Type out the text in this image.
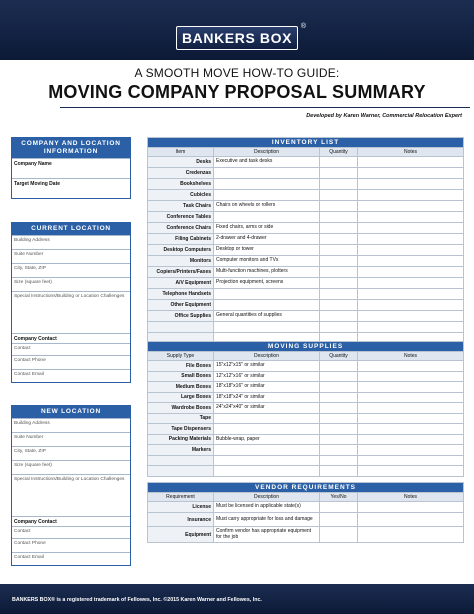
BANKERS BOX
®
A SMOOTH MOVE HOW-TO GUIDE:
MOVING COMPANY PROPOSAL SUMMARY
Developed by Karen Warner, Commercial Relocation Expert
COMPANY AND LOCATION INFORMATION
Company Name
Target Moving Date
CURRENT LOCATION
Building Address
Suite Number
City, State, ZIP
Size (square feet)
Special Instructions/Building or Location Challenges
Company Contact
Contact
Contact Phone
Contact Email
NEW LOCATION
Building Address
Suite Number
City, State, ZIP
Size (square feet)
Special Instructions/Building or Location Challenges
Company Contact
Contact
Contact Phone
Contact Email
INVENTORY LIST			
Item	Description	Quantity	Notes
Desks	Executive and task desks		
Credenzas			
Bookshelves			
Cubicles			
Task Chairs	Chairs on wheels or rollers		
Conference Tables			
Conference Chairs	Fixed chairs, arms or side		
Filing Cabinets	2-drawer and 4-drawer		
Desktop Computers	Desktop or tower		
Monitors	Computer monitors and TVs		
Copiers/Printers/Faxes	Multi-function machines, plotters		
A/V Equipment	Projection equipment, screens		
Telephone Handsets			
Other Equipment			
Office Supplies	General quantities of supplies		

MOVING SUPPLIES			
Supply Type	Description	Quantity	Notes
File Boxes	15"x12"x15" or similar		
Small Boxes	12"x12"x16" or similar		
Medium Boxes	18"x18"x16" or similar		
Large Boxes	18"x18"x24" or similar		
Wardrobe Boxes	24"x24"x40" or similar		
Tape			
Tape Dispensers			
Packing Materials	Bubble-wrap, paper		
Markers			

VENDOR REQUIREMENTS			
Requirement	Description	Yes/No	Notes
License	Must be licensed in applicable state(s)		
Insurance	Must carry appropriate for loss and damage		
Equipment	Confirm vendor has appropriate equipment for the job		
BANKERS BOX® is a registered trademark of Fellowes, Inc. ©2015 Karen Warner and Fellowes, Inc.
